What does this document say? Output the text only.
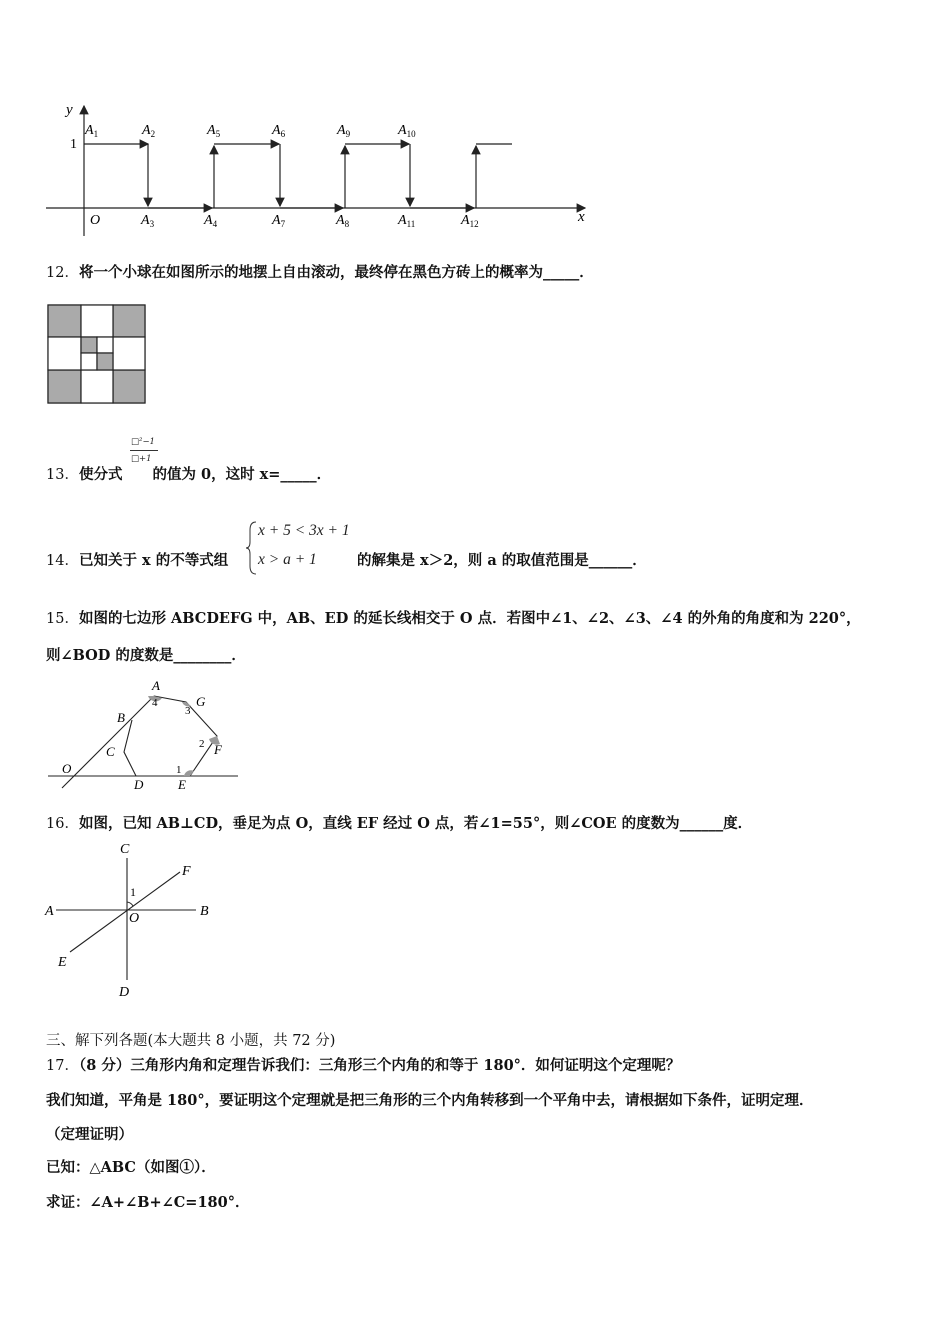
y
x
O
1
$A_1$	$A_2$	$A_5$	$A_6$	$A_9$	$A_{10}$
$A_3$	$A_4$	$A_7$	$A_8$	$A_{11}$	$A_{12}$
12．将一个小球在如图所示的地摆上自由滚动，最终停在黑色方砖上的概率为_____．
□²−1
□+1
13．使分式 的值为 0，这时 x=_____．
14．已知关于 x 的不等式组
x + 5 < 3x + 1
x > a + 1	的解集是 x＞2，则 a 的取值范围是______．
15．如图的七边形 ABCDEFG 中，AB、ED 的延长线相交于 O 点．若图中∠1、∠2、∠3、∠4 的外角的角度和为 220°，
则∠BOD 的度数是________．
A
B
C
D	E
F
G
O
4
3
2
1
16．如图，已知 AB⊥CD，垂足为点 O，直线 EF 经过 O 点，若∠1=55°，则∠COE 的度数为______度．
C
F
A	B
O
E
D
1
三、解下列各题(本大题共 8 小题，共 72 分)
17．（8 分）三角形内角和定理告诉我们：三角形三个内角的和等于 180°．如何证明这个定理呢？
我们知道，平角是 180°，要证明这个定理就是把三角形的三个内角转移到一个平角中去，请根据如下条件，证明定理．
（定理证明）
已知：△ABC（如图①）．
求证：∠A+∠B+∠C=180°．
